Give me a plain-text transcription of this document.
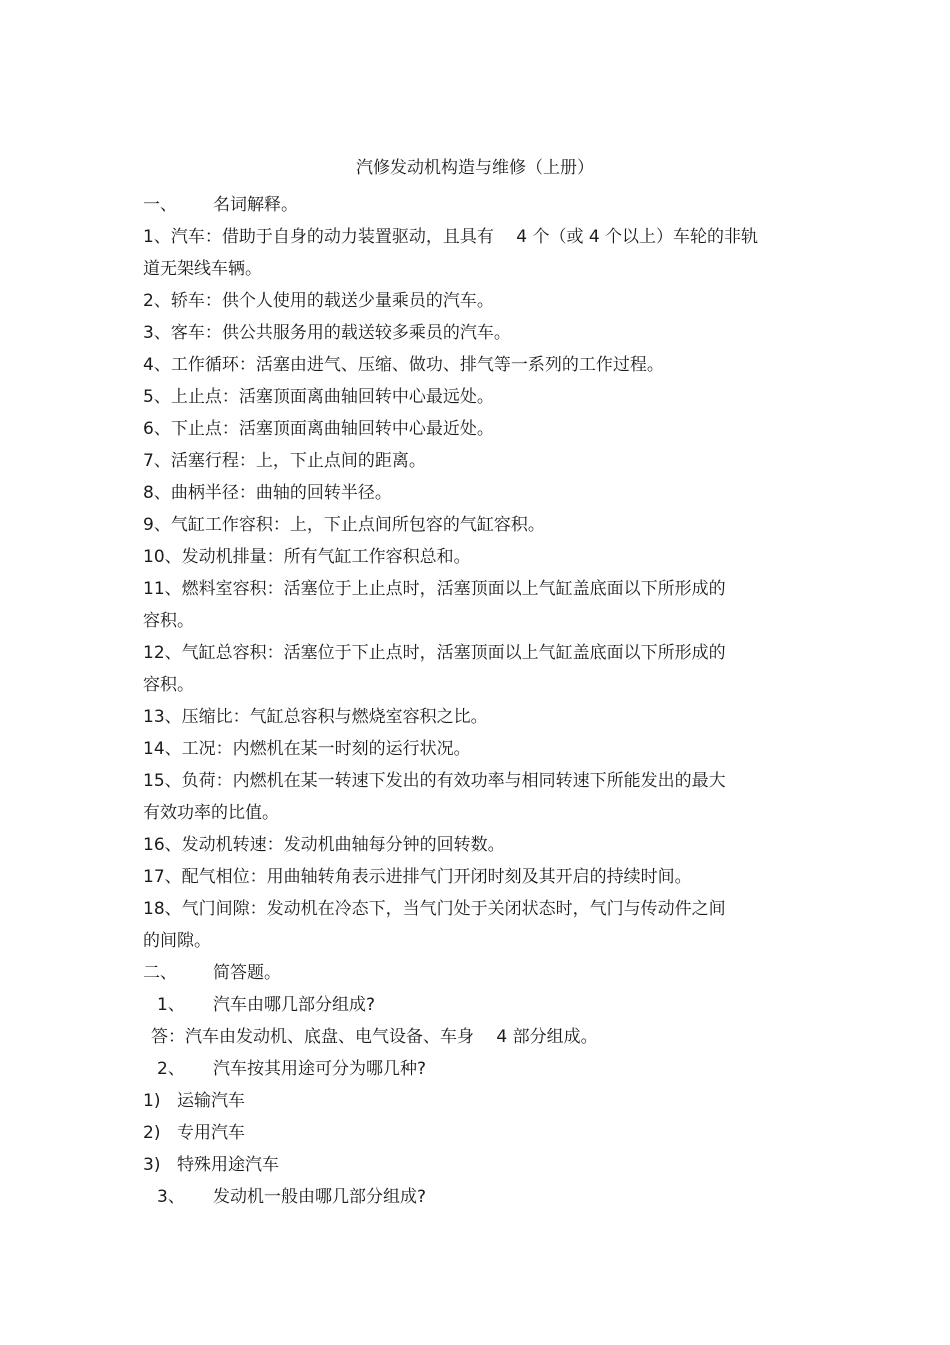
汽修发动机构造与维修（上册）
一、 名词解释。
1、汽车：借助于自身的动力装置驱动，且具有　 4 个（或 4 个以上）车轮的非轨
道无架线车辆。
2、轿车：供个人使用的载送少量乘员的汽车。
3、客车：供公共服务用的载送较多乘员的汽车。
4、工作循环：活塞由进气、压缩、做功、排气等一系列的工作过程。
5、上止点：活塞顶面离曲轴回转中心最远处。
6、下止点：活塞顶面离曲轴回转中心最近处。
7、活塞行程：上，下止点间的距离。
8、曲柄半径：曲轴的回转半径。
9、气缸工作容积：上，下止点间所包容的气缸容积。
10、发动机排量：所有气缸工作容积总和。
11、燃料室容积：活塞位于上止点时，活塞顶面以上气缸盖底面以下所形成的
容积。
12、气缸总容积：活塞位于下止点时，活塞顶面以上气缸盖底面以下所形成的
容积。
13、压缩比：气缸总容积与燃烧室容积之比。
14、工况：内燃机在某一时刻的运行状况。
15、负荷：内燃机在某一转速下发出的有效功率与相同转速下所能发出的最大
有效功率的比值。
16、发动机转速：发动机曲轴每分钟的回转数。
17、配气相位：用曲轴转角表示进排气门开闭时刻及其开启的持续时间。
18、气门间隙：发动机在冷态下，当气门处于关闭状态时，气门与传动件之间
的间隙。
二、 简答题。
1、 汽车由哪几部分组成?
答：汽车由发动机、底盘、电气设备、车身　 4 部分组成。
2、 汽车按其用途可分为哪几种?
1) 运输汽车
2) 专用汽车
3) 特殊用途汽车
3、 发动机一般由哪几部分组成?
